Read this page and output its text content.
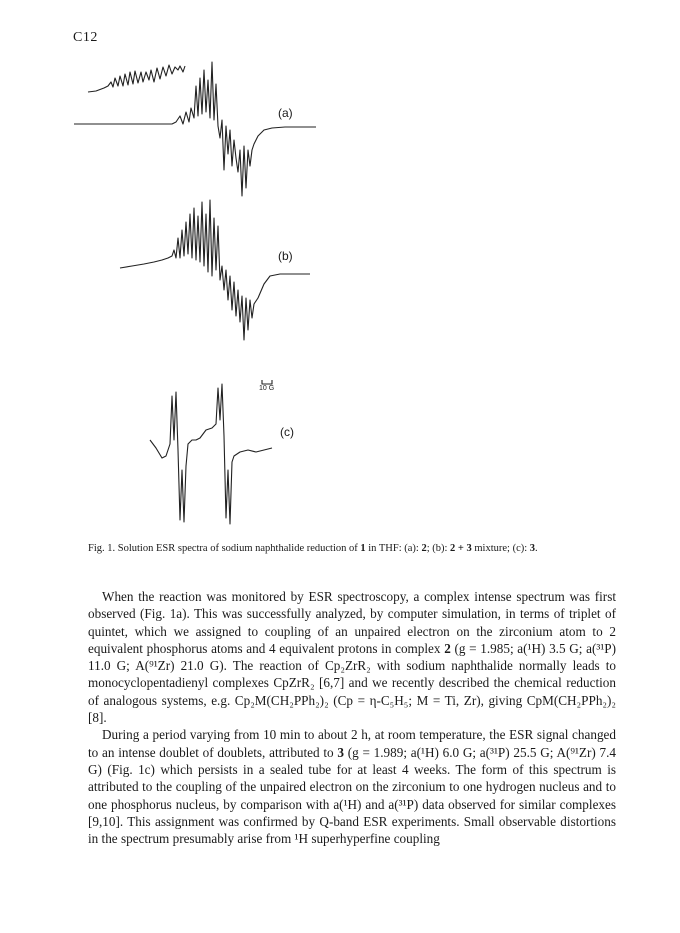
C12
(a)
(b)
10 G
(c)
Fig. 1. Solution ESR spectra of sodium naphthalide reduction of 1 in THF: (a): 2; (b): 2 + 3 mixture; (c): 3.

When the reaction was monitored by ESR spectroscopy, a complex intense spectrum was first observed (Fig. 1a). This was successfully analyzed, by computer simulation, in terms of triplet of quintet, which we assigned to coupling of an unpaired electron on the zirconium atom to 2 equivalent phosphorus atoms and 4 equivalent protons in complex 2 (g = 1.985; a(¹H) 3.5 G; a(³¹P) 11.0 G; A(⁹¹Zr) 21.0 G). The reaction of Cp₂ZrR₂ with sodium naphthalide normally leads to monocyclopentadienyl complexes CpZrR₂ [6,7] and we recently described the chemical reduction of analogous systems, e.g. Cp₂M(CH₂PPh₂)₂ (Cp = η-C₅H₅; M = Ti, Zr), giving CpM(CH₂PPh₂)₂ [8].

During a period varying from 10 min to about 2 h, at room temperature, the ESR signal changed to an intense doublet of doublets, attributed to 3 (g = 1.989; a(¹H) 6.0 G; a(³¹P) 25.5 G; A(⁹¹Zr) 7.4 G) (Fig. 1c) which persists in a sealed tube for at least 4 weeks. The form of this spectrum is attributed to the coupling of the unpaired electron on the zirconium to one hydrogen nucleus and to one phosphorus nucleus, by comparison with a(¹H) and a(³¹P) data observed for similar complexes [9,10]. This assignment was confirmed by Q-band ESR experiments. Small observable distortions in the spectrum presumably arise from ¹H superhyperfine coupling
